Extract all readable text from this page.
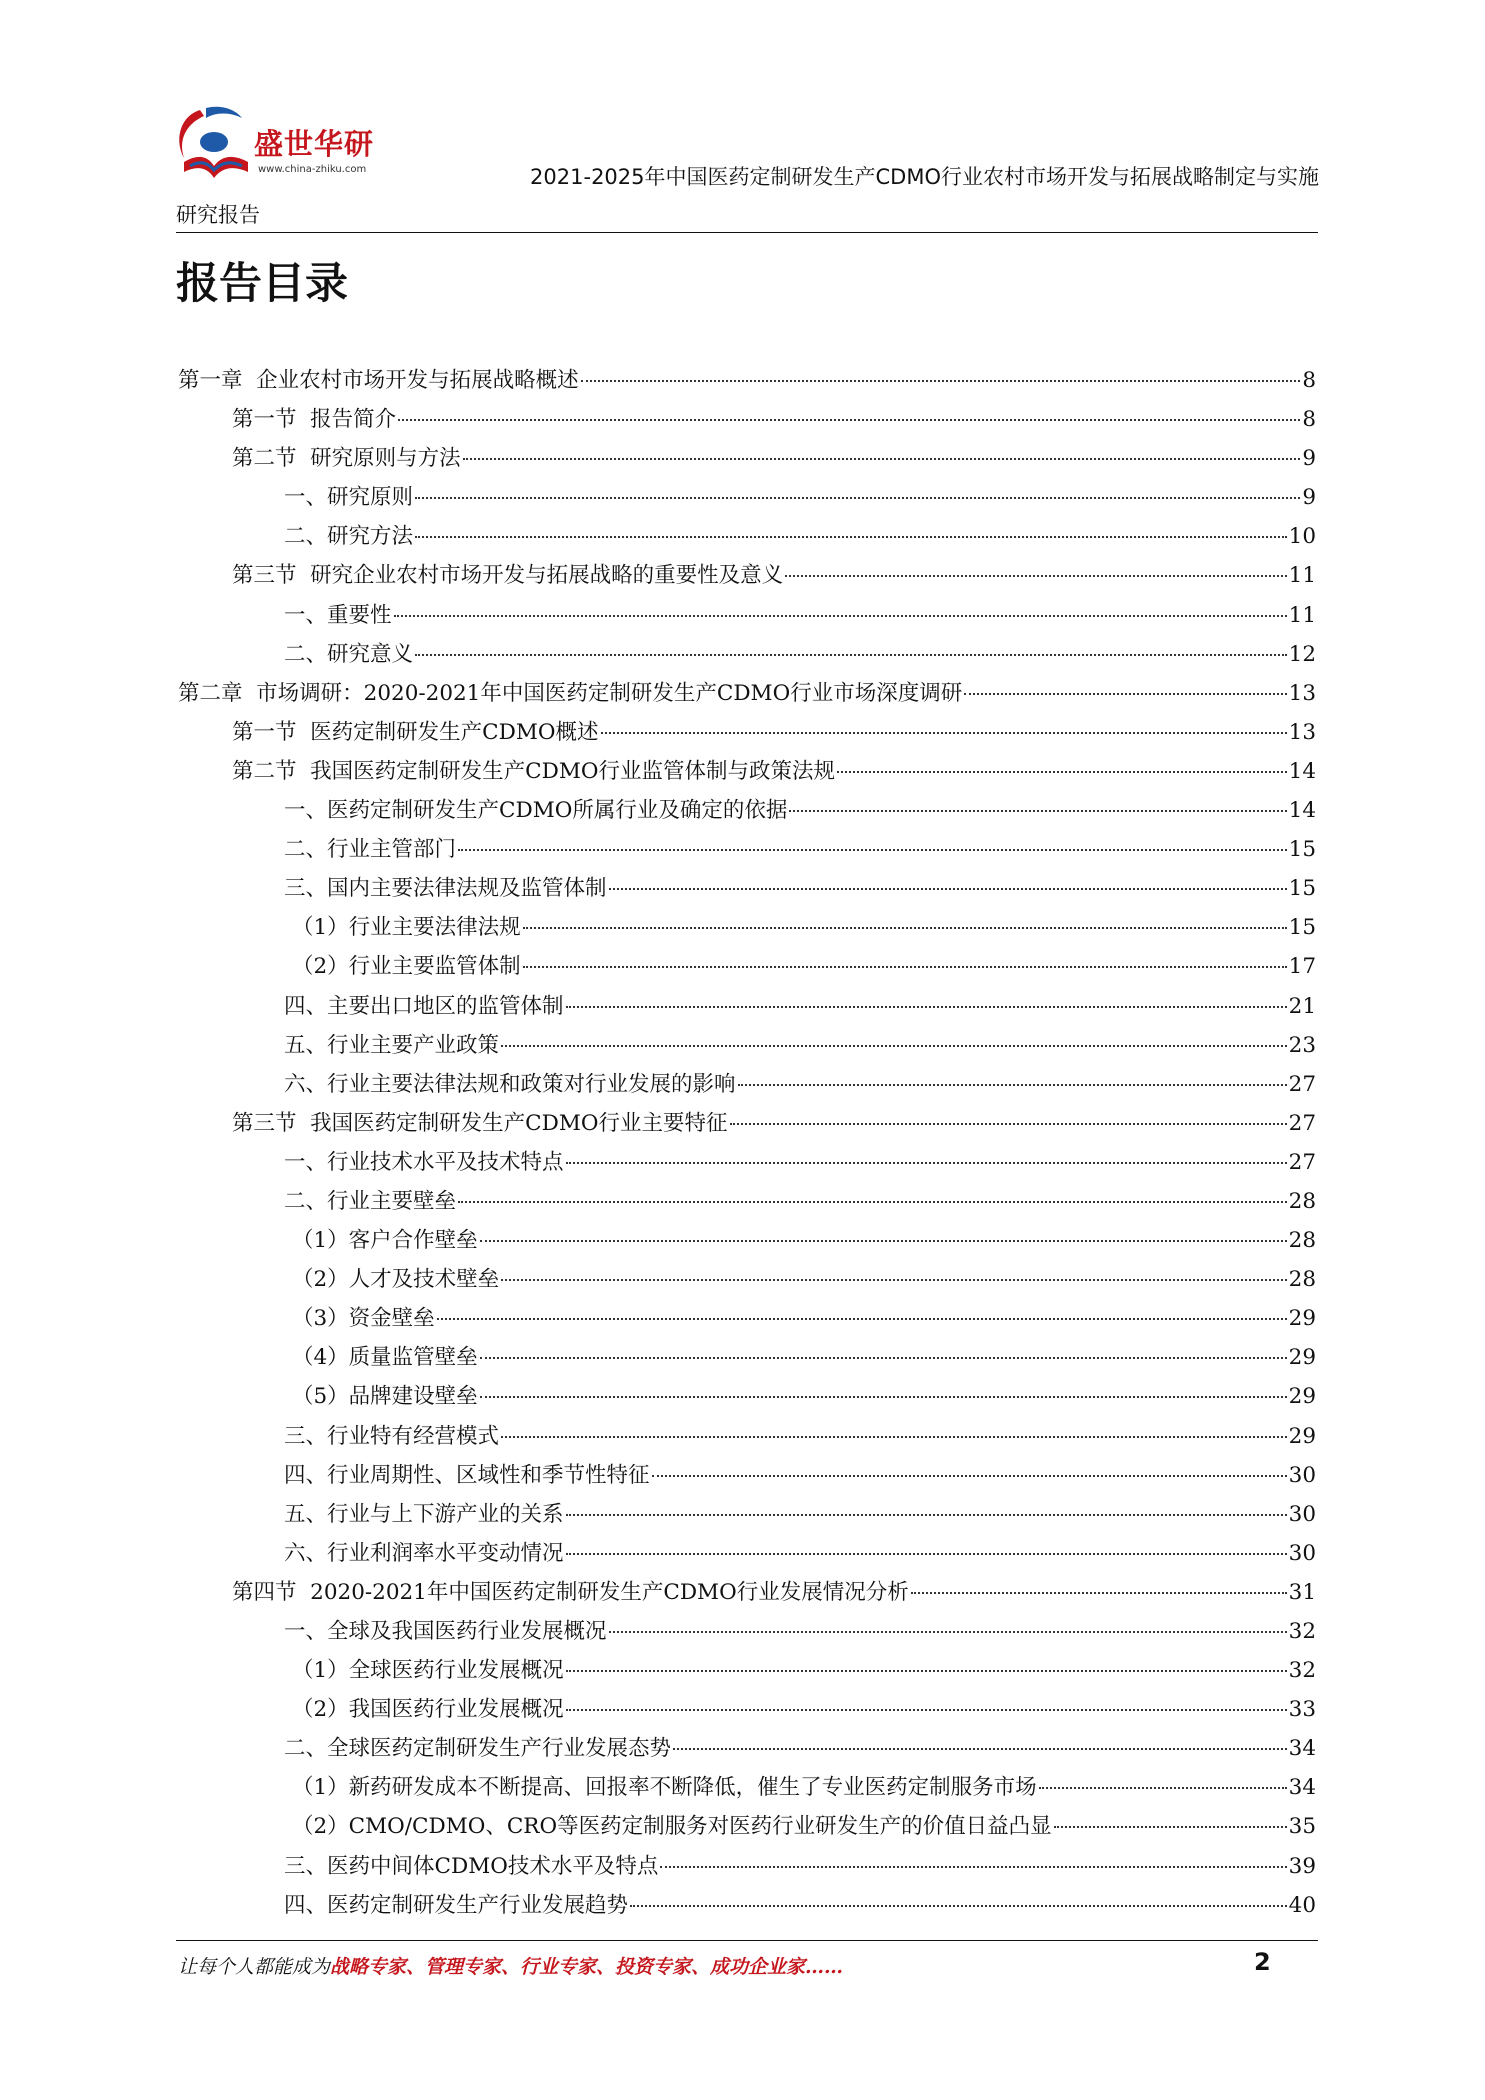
盛世华研
www.china-zhiku.com	2021-2025年中国医药定制研发生产CDMO行业农村市场开发与拓展战略制定与实施
研究报告
报告目录
第一章  企业农村市场开发与拓展战略概述	8
第一节  报告简介	8
第二节  研究原则与方法	9
一、研究原则	9
二、研究方法	10
第三节  研究企业农村市场开发与拓展战略的重要性及意义	11
一、重要性	11
二、研究意义	12
第二章  市场调研：2020-2021年中国医药定制研发生产CDMO行业市场深度调研	13
第一节  医药定制研发生产CDMO概述	13
第二节  我国医药定制研发生产CDMO行业监管体制与政策法规	14
一、医药定制研发生产CDMO所属行业及确定的依据	14
二、行业主管部门	15
三、国内主要法律法规及监管体制	15
（1）行业主要法律法规	15
（2）行业主要监管体制	17
四、主要出口地区的监管体制	21
五、行业主要产业政策	23
六、行业主要法律法规和政策对行业发展的影响	27
第三节  我国医药定制研发生产CDMO行业主要特征	27
一、行业技术水平及技术特点	27
二、行业主要壁垒	28
（1）客户合作壁垒	28
（2）人才及技术壁垒	28
（3）资金壁垒	29
（4）质量监管壁垒	29
（5）品牌建设壁垒	29
三、行业特有经营模式	29
四、行业周期性、区域性和季节性特征	30
五、行业与上下游产业的关系	30
六、行业利润率水平变动情况	30
第四节  2020-2021年中国医药定制研发生产CDMO行业发展情况分析	31
一、全球及我国医药行业发展概况	32
（1）全球医药行业发展概况	32
（2）我国医药行业发展概况	33
二、全球医药定制研发生产行业发展态势	34
（1）新药研发成本不断提高、回报率不断降低，催生了专业医药定制服务市场	34
（2）CMO/CDMO、CRO等医药定制服务对医药行业研发生产的价值日益凸显	35
三、医药中间体CDMO技术水平及特点	39
四、医药定制研发生产行业发展趋势	40
让每个人都能成为战略专家、管理专家、行业专家、投资专家、成功企业家……	2
